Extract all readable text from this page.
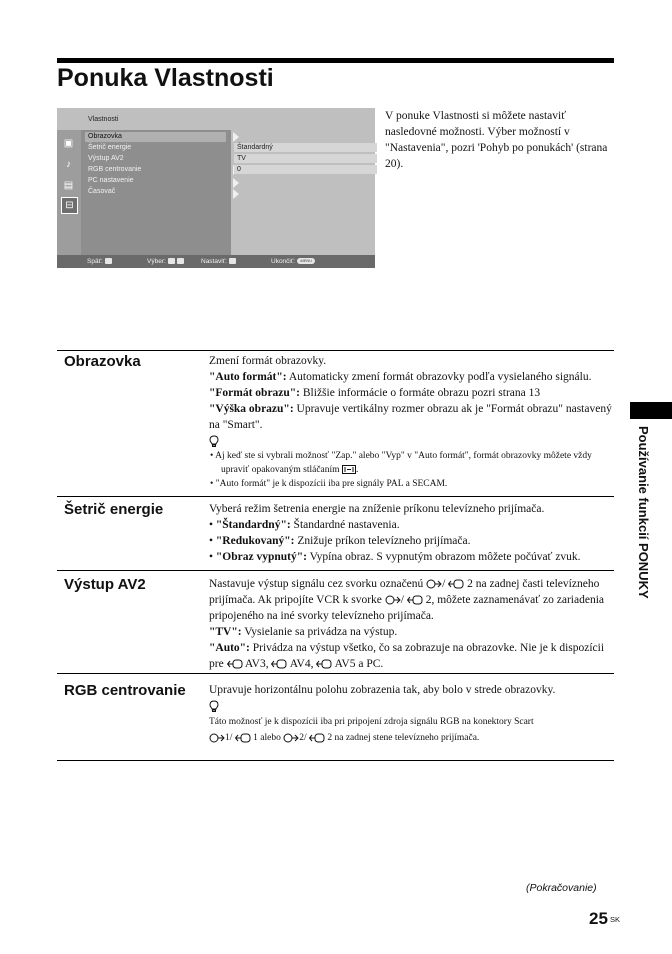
Ponuka Vlastnosti
Vlastnosti
▣
♪
▤
⊟
Obrazovka
Šetrič energie
Výstup AV2
RGB centrovanie
PC nastavenie
Časovač
Štandardný
TV
0
Späť:	Výber:	Nastaviť:	Ukončiť: MENU

V ponuke Vlastnosti si môžete nastaviť nasledovné možnosti. Výber možností v "Nastavenia", pozri 'Pohyb po ponukách' (strana 20).

Obrazovka	Zmení formát obrazovky.

"Auto formát": Automaticky zmení formát obrazovky podľa vysielaného signálu.

"Formát obrazu": Bližšie informácie o formáte obrazu pozri strana 13

"Výška obrazu": Upravuje vertikálny rozmer obrazu ak je "Formát obrazu" nastavený na "Smart".

• Aj keď ste si vybrali možnosť "Zap." alebo "Vyp" v "Auto formát", formát obrazovky môžete vždy upraviť opakovaným stláčaním .

• "Auto formát" je k dispozícii iba pre signály PAL a SECAM.

Šetrič energie	Vyberá režim šetrenia energie na zníženie príkonu televízneho prijímača.

• "Štandardný": Štandardné nastavenia.

• "Redukovaný": Znižuje príkon televízneho prijímača.

• "Obraz vypnutý": Vypína obraz. S vypnutým obrazom môžete počúvať zvuk.

Výstup AV2	Nastavuje výstup signálu cez svorku označenú / 2 na zadnej časti televízneho prijímača. Ak pripojíte VCR k svorke / 2, môžete zaznamenávať zo zariadenia pripojeného na iné svorky televízneho prijímača.

"TV": Vysielanie sa privádza na výstup.

"Auto": Privádza na výstup všetko, čo sa zobrazuje na obrazovke. Nie je k dispozícii pre AV3, AV4, AV5 a PC.

RGB centrovanie Upravuje horizontálnu polohu zobrazenia tak, aby bolo v strede obrazovky.

Táto možnosť je k dispozícii iba pri pripojení zdroja signálu RGB na konektory Scart
1/ 1 alebo 2/ 2 na zadnej stene televízneho prijímača.

Používanie funkcií PONUKY
(Pokračovanie)
25 SK
